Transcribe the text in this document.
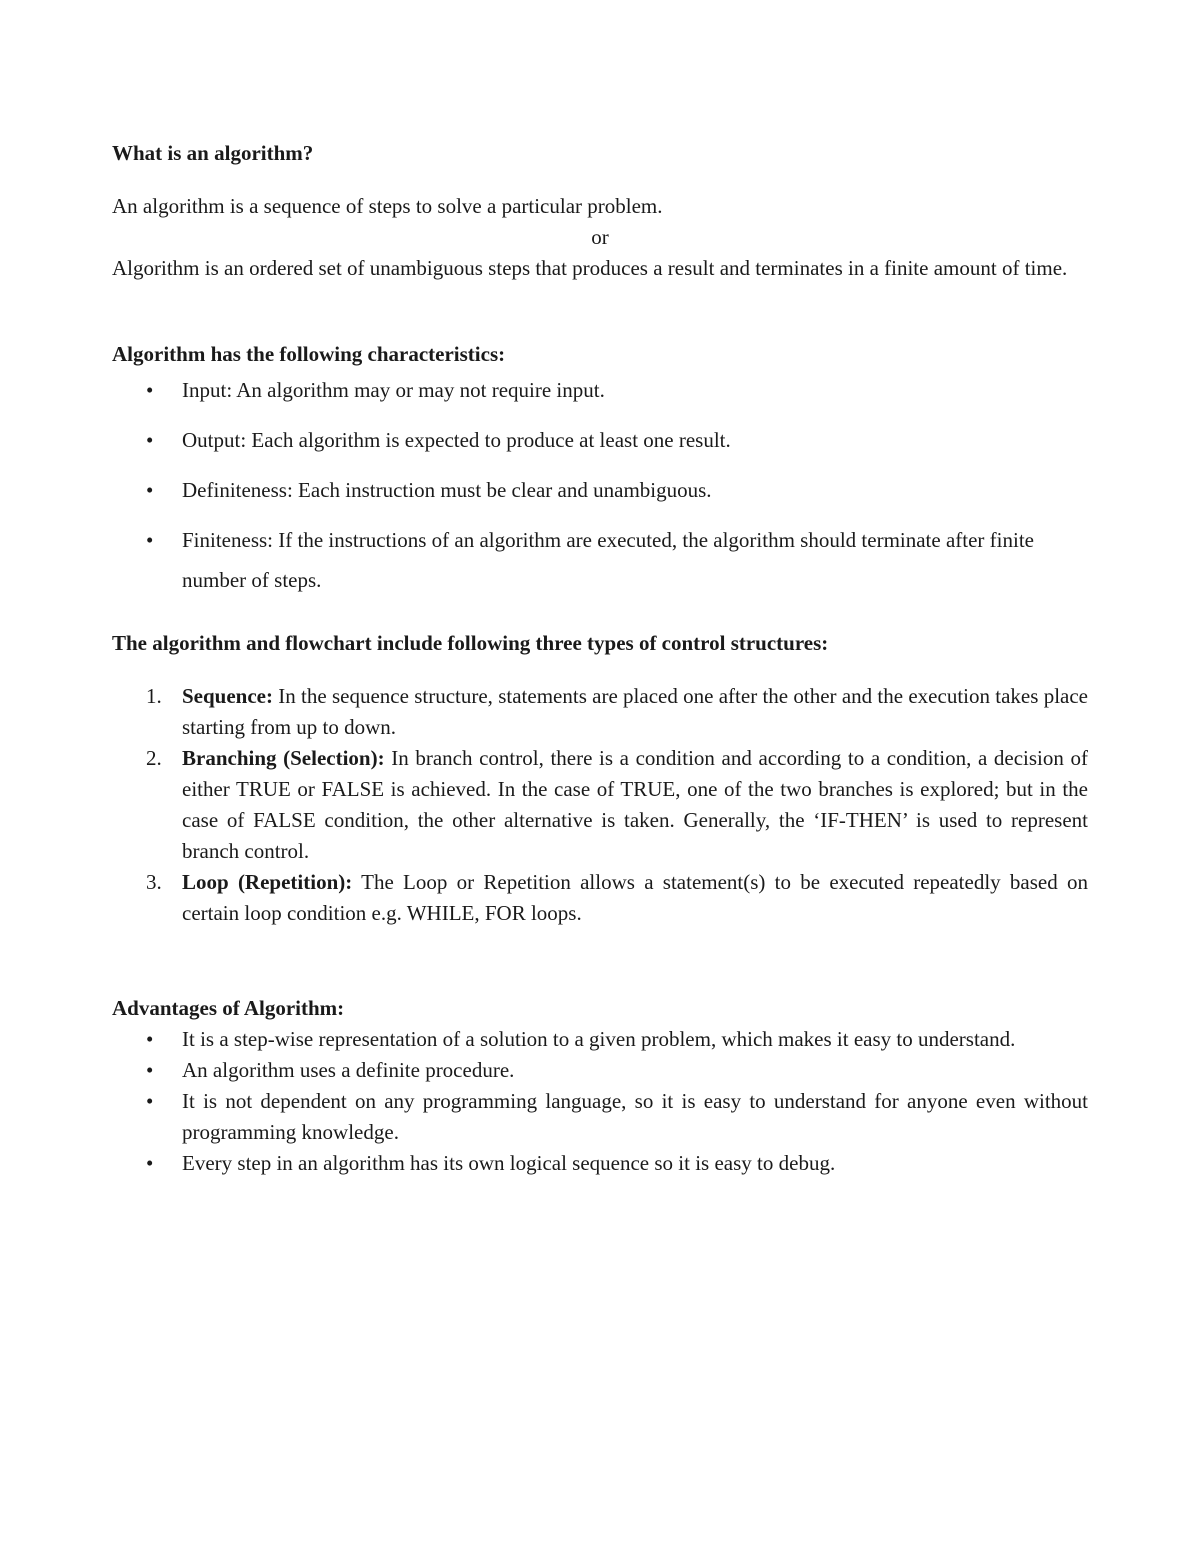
What is an algorithm?

An algorithm is a sequence of steps to solve a particular problem.

or

Algorithm is an ordered set of unambiguous steps that produces a result and terminates in a finite amount of time.

Algorithm has the following characteristics:

• Input: An algorithm may or may not require input.
• Output: Each algorithm is expected to produce at least one result.
• Definiteness: Each instruction must be clear and unambiguous.
• Finiteness: If the instructions of an algorithm are executed, the algorithm should terminate after finite number of steps.

The algorithm and flowchart include following three types of control structures:

1. Sequence: In the sequence structure, statements are placed one after the other and the execution takes place starting from up to down.
2. Branching (Selection): In branch control, there is a condition and according to a condition, a decision of either TRUE or FALSE is achieved. In the case of TRUE, one of the two branches is explored; but in the case of FALSE condition, the other alternative is taken. Generally, the ‘IF-THEN’ is used to represent branch control.
3. Loop (Repetition): The Loop or Repetition allows a statement(s) to be executed repeatedly based on certain loop condition e.g. WHILE, FOR loops.

Advantages of Algorithm:

• It is a step-wise representation of a solution to a given problem, which makes it easy to understand.
• An algorithm uses a definite procedure.
• It is not dependent on any programming language, so it is easy to understand for anyone even without programming knowledge.
• Every step in an algorithm has its own logical sequence so it is easy to debug.
